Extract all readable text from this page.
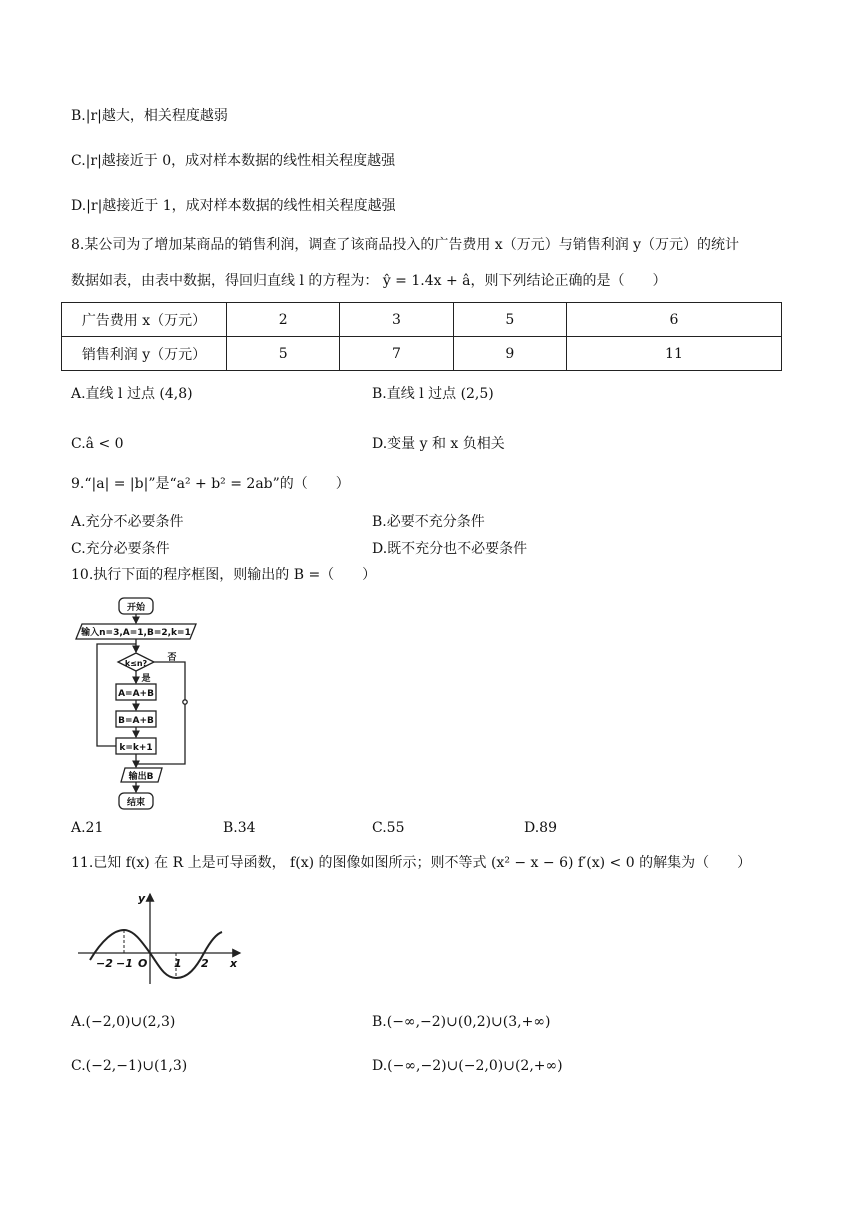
B.|r|越大，相关程度越弱
C.|r|越接近于 0，成对样本数据的线性相关程度越强
D.|r|越接近于 1，成对样本数据的线性相关程度越强
8.某公司为了增加某商品的销售利润，调查了该商品投入的广告费用 x（万元）与销售利润 y（万元）的统计
数据如表，由表中数据，得回归直线 l 的方程为： ŷ = 1.4x + â，则下列结论正确的是（　　）
广告费用 x（万元）	2	3	5	6
销售利润 y（万元）	5	7	9	11
A.直线 l 过点 (4,8)	B.直线 l 过点 (2,5)
C.â < 0	D.变量 y 和 x 负相关
9.“|a| = |b|”是“a² + b² = 2ab”的（　　）
A.充分不必要条件	B.必要不充分条件
C.充分必要条件	D.既不充分也不必要条件
10.执行下面的程序框图，则输出的 B =（　　）
开始
输入n=3,A=1,B=2,k=1
k≤n?
否
是
A=A+B
B=A+B
k=k+1
输出B
结束
A.21	B.34	C.55	D.89
11.已知 f(x) 在 R 上是可导函数， f(x) 的图像如图所示；则不等式 (x² − x − 6) f′(x) < 0 的解集为（　　）
−2 −1 O 1 2 x
y
A.(−2,0)∪(2,3)	B.(−∞,−2)∪(0,2)∪(3,+∞)
C.(−2,−1)∪(1,3)	D.(−∞,−2)∪(−2,0)∪(2,+∞)
